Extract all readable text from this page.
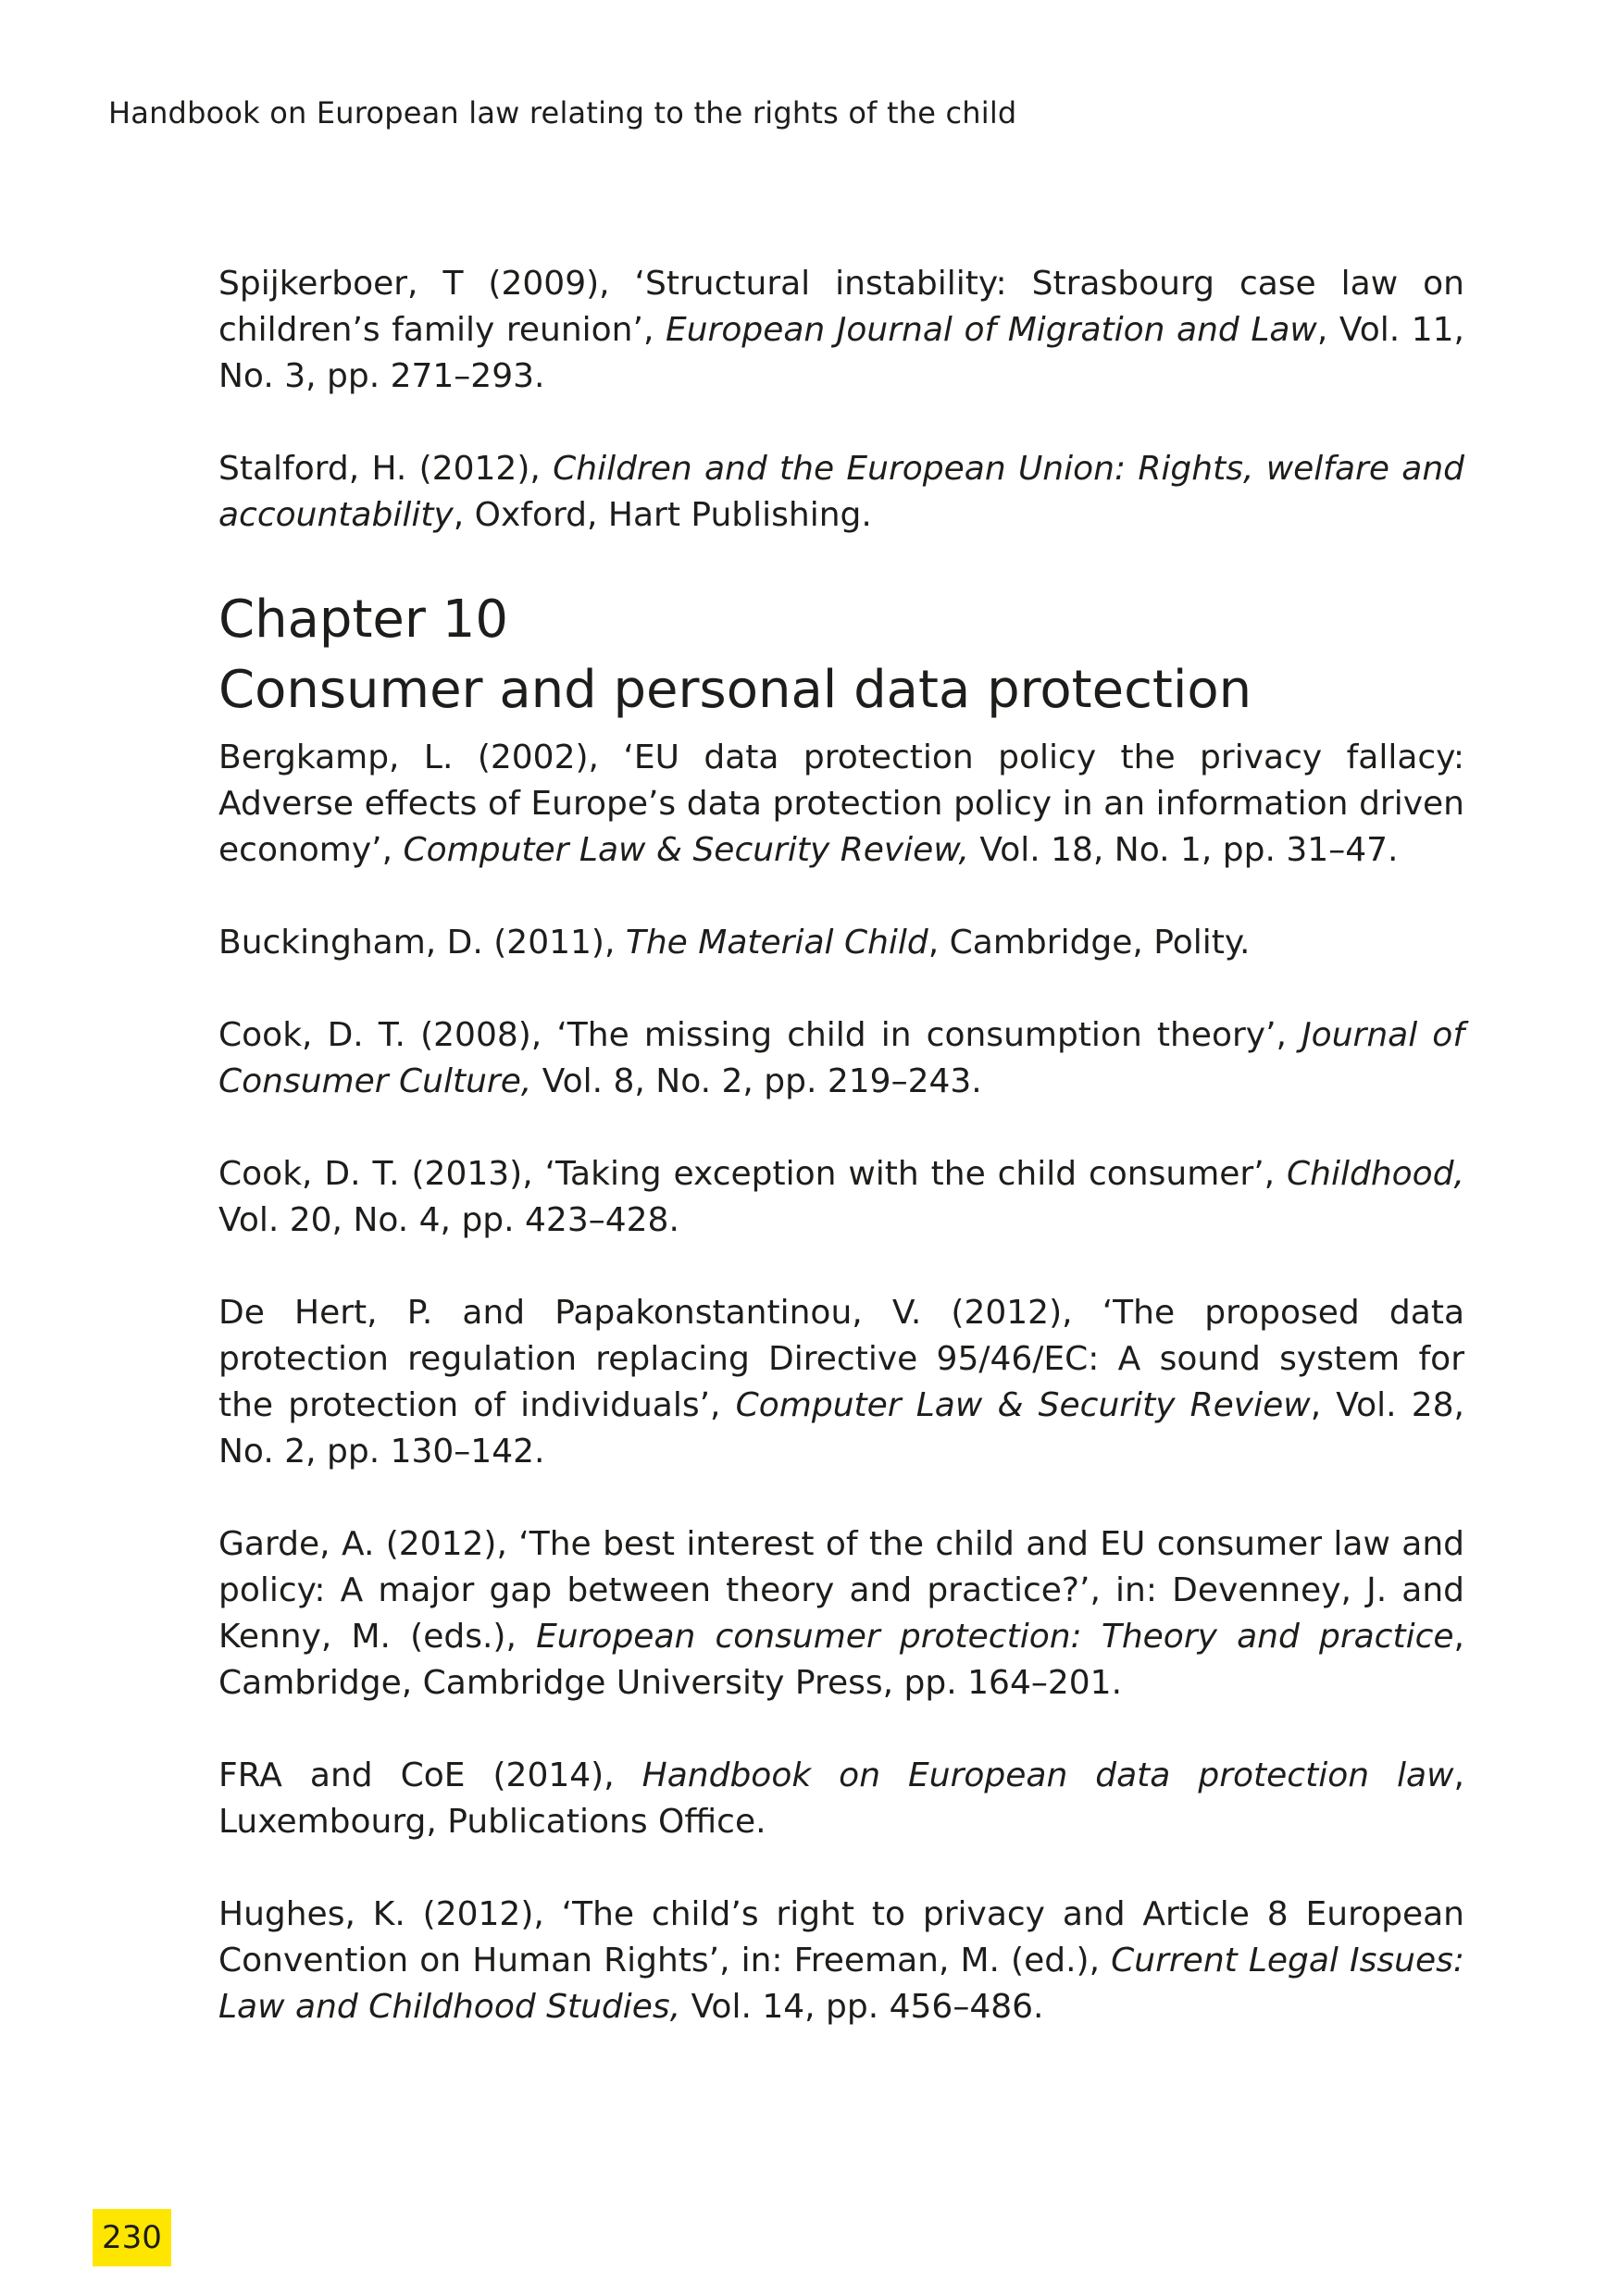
Handbook on European law relating to the rights of the child

Spijkerboer, T (2009), ‘Structural instability: Strasbourg case law on children’s family reunion’, European Journal of Migration and Law, Vol. 11, No. 3, pp. 271–293.

Stalford, H. (2012), Children and the European Union: Rights, welfare and accountability, Oxford, Hart Publishing.

Chapter 10
Consumer and personal data protection

Bergkamp, L. (2002), ‘EU data protection policy the privacy fallacy: Adverse effects of Europe’s data protection policy in an information driven economy’, Computer Law & Security Review, Vol. 18, No. 1, pp. 31–47.

Buckingham, D. (2011), The Material Child, Cambridge, Polity.

Cook, D. T. (2008), ‘The missing child in consumption theory’, Journal of Consumer Culture, Vol. 8, No. 2, pp. 219–243.

Cook, D. T. (2013), ‘Taking exception with the child consumer’, Childhood, Vol. 20, No. 4, pp. 423–428.

De Hert, P. and Papakonstantinou, V. (2012), ‘The proposed data protection regulation replacing Directive 95/46/EC: A sound system for the protection of individuals’, Computer Law & Security Review, Vol. 28, No. 2, pp. 130–142.

Garde, A. (2012), ‘The best interest of the child and EU consumer law and policy: A major gap between theory and practice?’, in: Devenney, J. and Kenny, M. (eds.), European consumer protection: Theory and practice, Cambridge, Cambridge University Press, pp. 164–201.

FRA and CoE (2014), Handbook on European data protection law, Luxembourg, Publications Office.

Hughes, K. (2012), ‘The child’s right to privacy and Article 8 European Convention on Human Rights’, in: Freeman, M. (ed.), Current Legal Issues: Law and Childhood Studies, Vol. 14, pp. 456–486.

230
